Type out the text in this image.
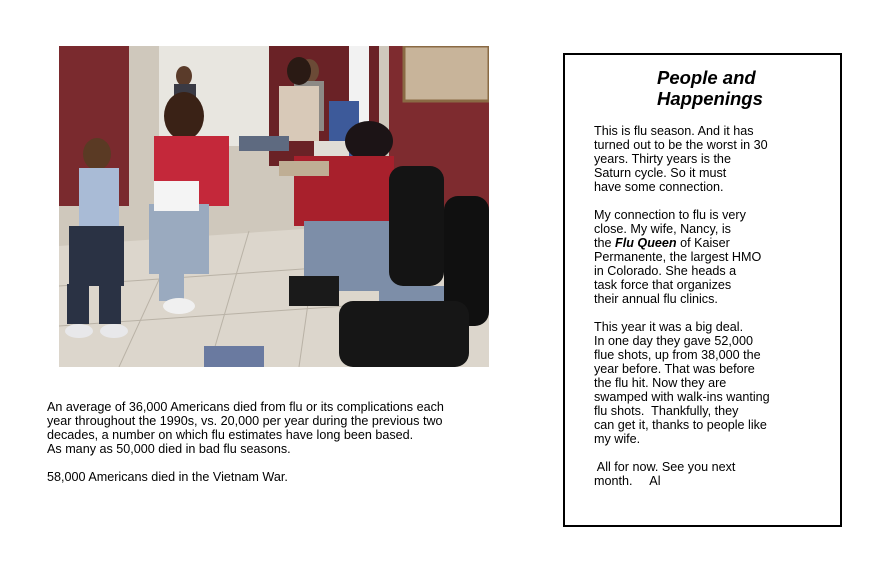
An average of 36,000 Americans died from flu or its complications each
year throughout the 1990s, vs. 20,000 per year during the previous two
decades, a number on which flu estimates have long been based.
As many as 50,000 died in bad flu seasons.

58,000 Americans died in the Vietnam War.

People and
Happenings

This is flu season. And it has
turned out to be the worst in 30
years. Thirty years is the
Saturn cycle. So it must
have some connection.

My connection to flu is very
close. My wife, Nancy, is
the Flu Queen of Kaiser
Permanente, the largest HMO
in Colorado. She heads a
task force that organizes
their annual flu clinics.

This year it was a big deal.
In one day they gave 52,000
flue shots, up from 38,000 the
year before. That was before
the flu hit. Now they are
swamped with walk-ins wanting
flu shots.  Thankfully, they
can get it, thanks to people like
my wife.

All for now. See you next
month.     Al
